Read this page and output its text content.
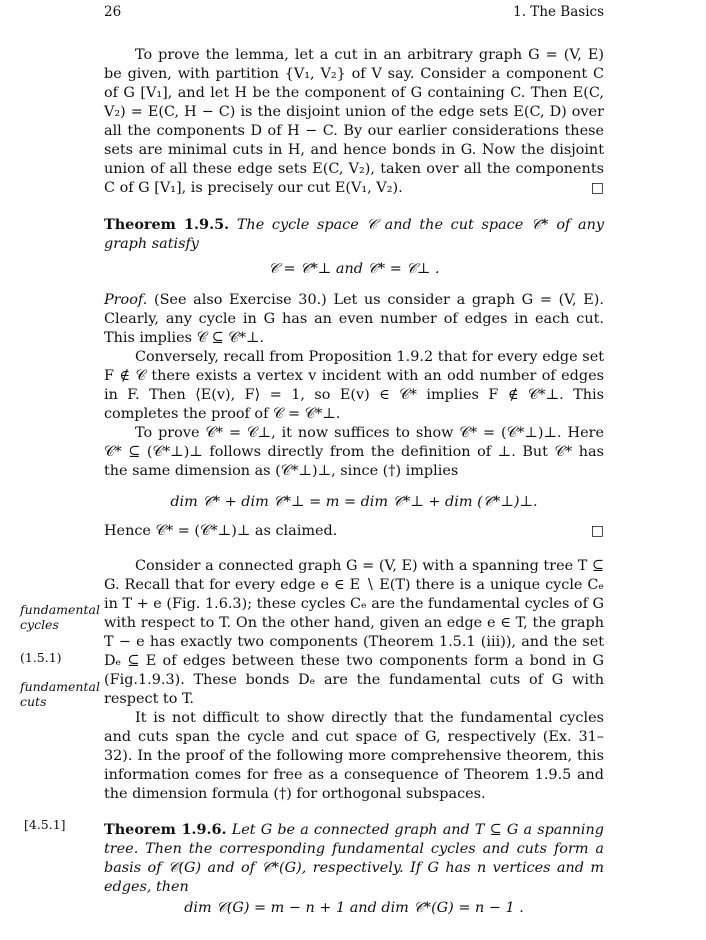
26	1. The Basics
fundamental cycles
(1.5.1)
fundamental cuts
[4.5.1]

To prove the lemma, let a cut in an arbitrary graph G = (V, E) be given, with partition {V₁, V₂} of V say. Consider a component C of G [V₁], and let H be the component of G containing C. Then E(C, V₂) = E(C, H − C) is the disjoint union of the edge sets E(C, D) over all the components D of H − C. By our earlier considerations these sets are minimal cuts in H, and hence bonds in G. Now the disjoint union of all these edge sets E(C, V₂), taken over all the components C of G [V₁], is precisely our cut E(V₁, V₂).	□

Theorem 1.9.5. The cycle space 𝒞 and the cut space 𝒞* of any graph satisfy
𝒞 = 𝒞*⊥ and 𝒞* = 𝒞⊥ .

Proof. (See also Exercise 30.) Let us consider a graph G = (V, E). Clearly, any cycle in G has an even number of edges in each cut. This implies 𝒞 ⊆ 𝒞*⊥.

Conversely, recall from Proposition 1.9.2 that for every edge set F ∉ 𝒞 there exists a vertex v incident with an odd number of edges in F. Then ⟨E(v), F⟩ = 1, so E(v) ∈ 𝒞* implies F ∉ 𝒞*⊥. This completes the proof of 𝒞 = 𝒞*⊥.

To prove 𝒞* = 𝒞⊥, it now suffices to show 𝒞* = (𝒞*⊥)⊥. Here 𝒞* ⊆ (𝒞*⊥)⊥ follows directly from the definition of ⊥. But 𝒞* has the same dimension as (𝒞*⊥)⊥, since (†) implies

dim 𝒞* + dim 𝒞*⊥ = m = dim 𝒞*⊥ + dim (𝒞*⊥)⊥.

Hence 𝒞* = (𝒞*⊥)⊥ as claimed.	□

Consider a connected graph G = (V, E) with a spanning tree T ⊆ G. Recall that for every edge e ∈ E ∖ E(T) there is a unique cycle Cₑ in T + e (Fig. 1.6.3); these cycles Cₑ are the fundamental cycles of G with respect to T. On the other hand, given an edge e ∈ T, the graph T − e has exactly two components (Theorem 1.5.1 (iii)), and the set Dₑ ⊆ E of edges between these two components form a bond in G (Fig.1.9.3). These bonds Dₑ are the fundamental cuts of G with respect to T.

It is not difficult to show directly that the fundamental cycles and cuts span the cycle and cut space of G, respectively (Ex. 31–32). In the proof of the following more comprehensive theorem, this information comes for free as a consequence of Theorem 1.9.5 and the dimension formula (†) for orthogonal subspaces.

Theorem 1.9.6. Let G be a connected graph and T ⊆ G a spanning tree. Then the corresponding fundamental cycles and cuts form a basis of 𝒞(G) and of 𝒞*(G), respectively. If G has n vertices and m edges, then
dim 𝒞(G) = m − n + 1 and dim 𝒞*(G) = n − 1 .
